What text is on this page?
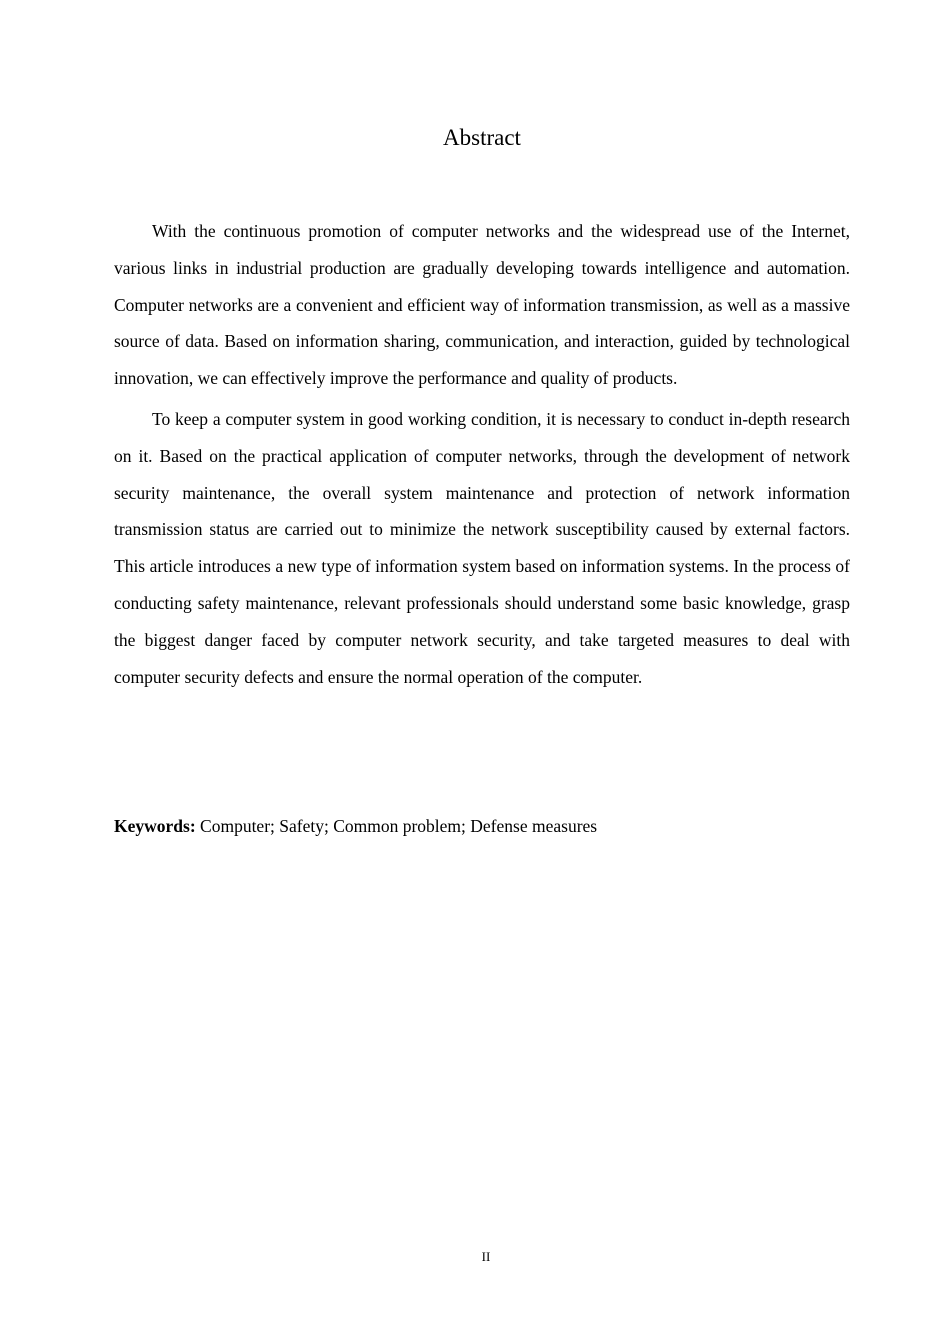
Abstract

With the continuous promotion of computer networks and the widespread use of the Internet, various links in industrial production are gradually developing towards intelligence and automation. Computer networks are a convenient and efficient way of information transmission, as well as a massive source of data. Based on information sharing, communication, and interaction, guided by technological innovation, we can effectively improve the performance and quality of products.

To keep a computer system in good working condition, it is necessary to conduct in-depth research on it. Based on the practical application of computer networks, through the development of network security maintenance, the overall system maintenance and protection of network information transmission status are carried out to minimize the network susceptibility caused by external factors. This article introduces a new type of information system based on information systems. In the process of conducting safety maintenance, relevant professionals should understand some basic knowledge, grasp the biggest danger faced by computer network security, and take targeted measures to deal with computer security defects and ensure the normal operation of the computer.

Keywords: Computer; Safety; Common problem; Defense measures

II
